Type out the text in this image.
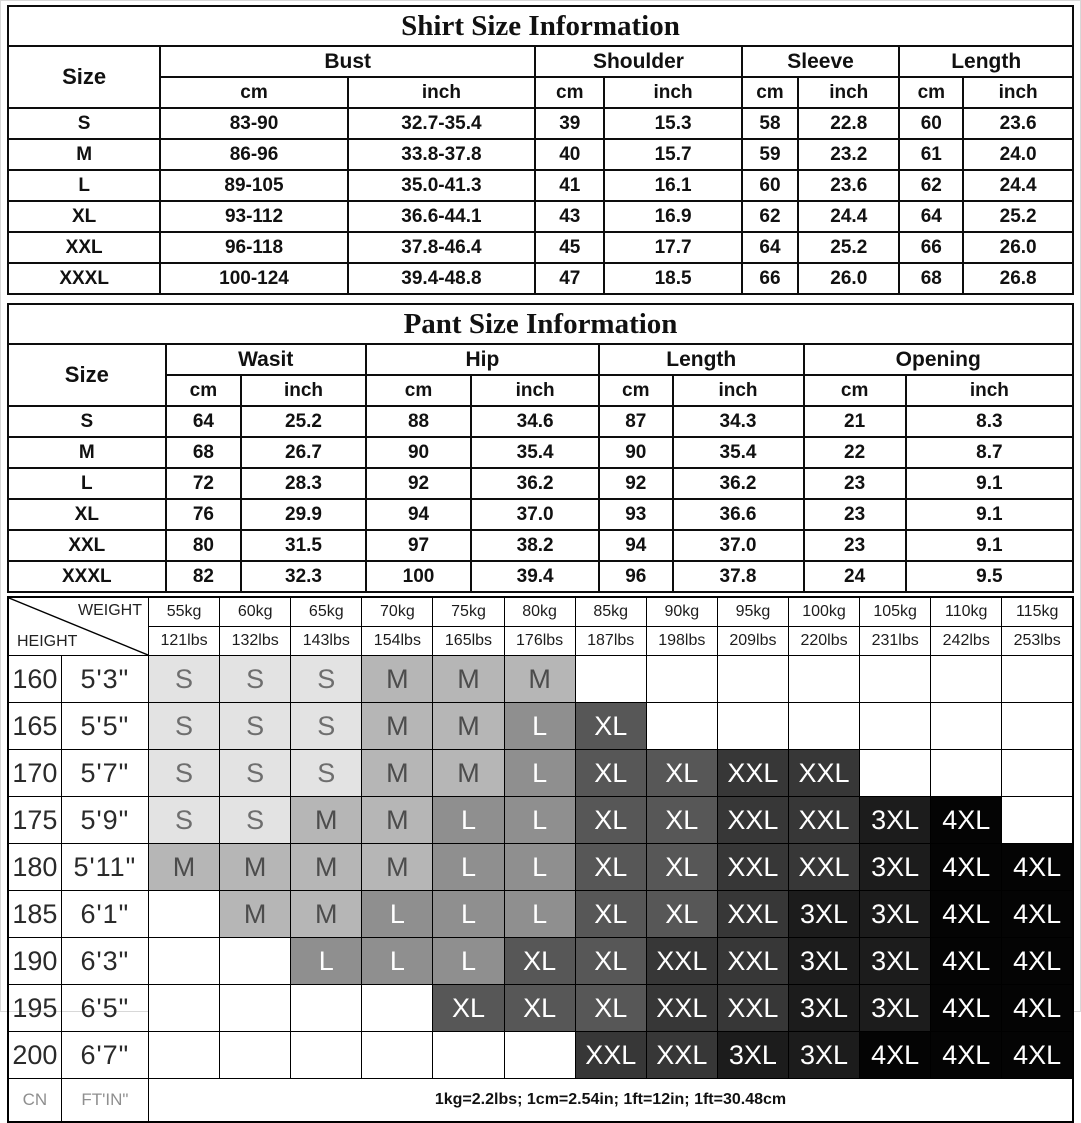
Shirt Size Information								
Size	Bust		Shoulder		Sleeve		Length	
	cm	inch	cm	inch	cm	inch	cm	inch
S	83-90	32.7-35.4	39	15.3	58	22.8	60	23.6
M	86-96	33.8-37.8	40	15.7	59	23.2	61	24.0
L	89-105	35.0-41.3	41	16.1	60	23.6	62	24.4
XL	93-112	36.6-44.1	43	16.9	62	24.4	64	25.2
XXL	96-118	37.8-46.4	45	17.7	64	25.2	66	26.0
XXXL	100-124	39.4-48.8	47	18.5	66	26.0	68	26.8
Pant Size Information								
Size	Wasit		Hip		Length		Opening	
	cm	inch	cm	inch	cm	inch	cm	inch
S	64	25.2	88	34.6	87	34.3	21	8.3
M	68	26.7	90	35.4	90	35.4	22	8.7
L	72	28.3	92	36.2	92	36.2	23	9.1
XL	76	29.9	94	37.0	93	36.6	23	9.1
XXL	80	31.5	97	38.2	94	37.0	23	9.1
XXXL	82	32.3	100	39.4	96	37.8	24	9.5
WEIGHT
HEIGHT		55kg	60kg	65kg	70kg	75kg	80kg	85kg	90kg	95kg	100kg	105kg	110kg	115kg
		121lbs	132lbs	143lbs	154lbs	165lbs	176lbs	187lbs	198lbs	209lbs	220lbs	231lbs	242lbs	253lbs
160	5'3"	S	S	S	M	M	M							
165	5'5"	S	S	S	M	M	L	XL						
170	5'7"	S	S	S	M	M	L	XL	XL	XXL	XXL			
175	5'9"	S	S	M	M	L	L	XL	XL	XXL	XXL	3XL	4XL	
180	5'11"	M	M	M	M	L	L	XL	XL	XXL	XXL	3XL	4XL	4XL
185	6'1"		M	M	L	L	L	XL	XL	XXL	3XL	3XL	4XL	4XL
190	6'3"			L	L	L	XL	XL	XXL	XXL	3XL	3XL	4XL	4XL
195	6'5"					XL	XL	XL	XXL	XXL	3XL	3XL	4XL	4XL
200	6'7"							XXL	XXL	3XL	3XL	4XL	4XL	4XL
CN	FT'IN"	1kg=2.2lbs; 1cm=2.54in; 1ft=12in; 1ft=30.48cm												
